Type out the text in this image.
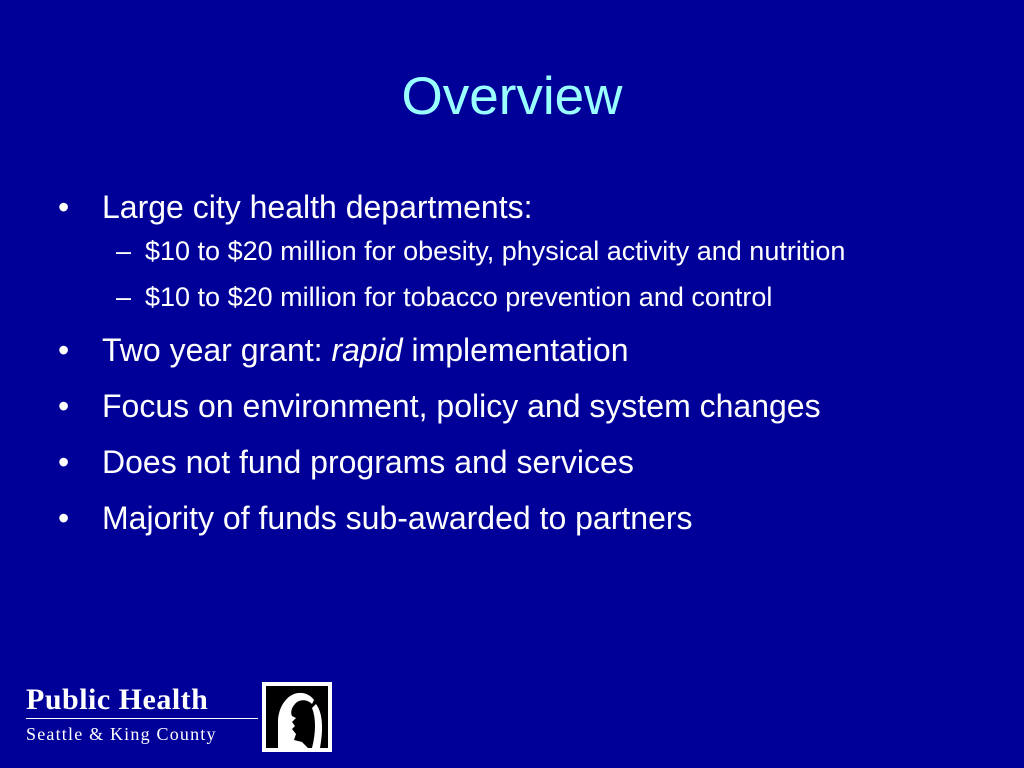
Overview
• Large city health departments:
– $10 to $20 million for obesity, physical activity and nutrition
– $10 to $20 million for tobacco prevention and control
• Two year grant: rapid implementation
• Focus on environment, policy and system changes
• Does not fund programs and services
• Majority of funds sub-awarded to partners
Public Health
Seattle & King County
